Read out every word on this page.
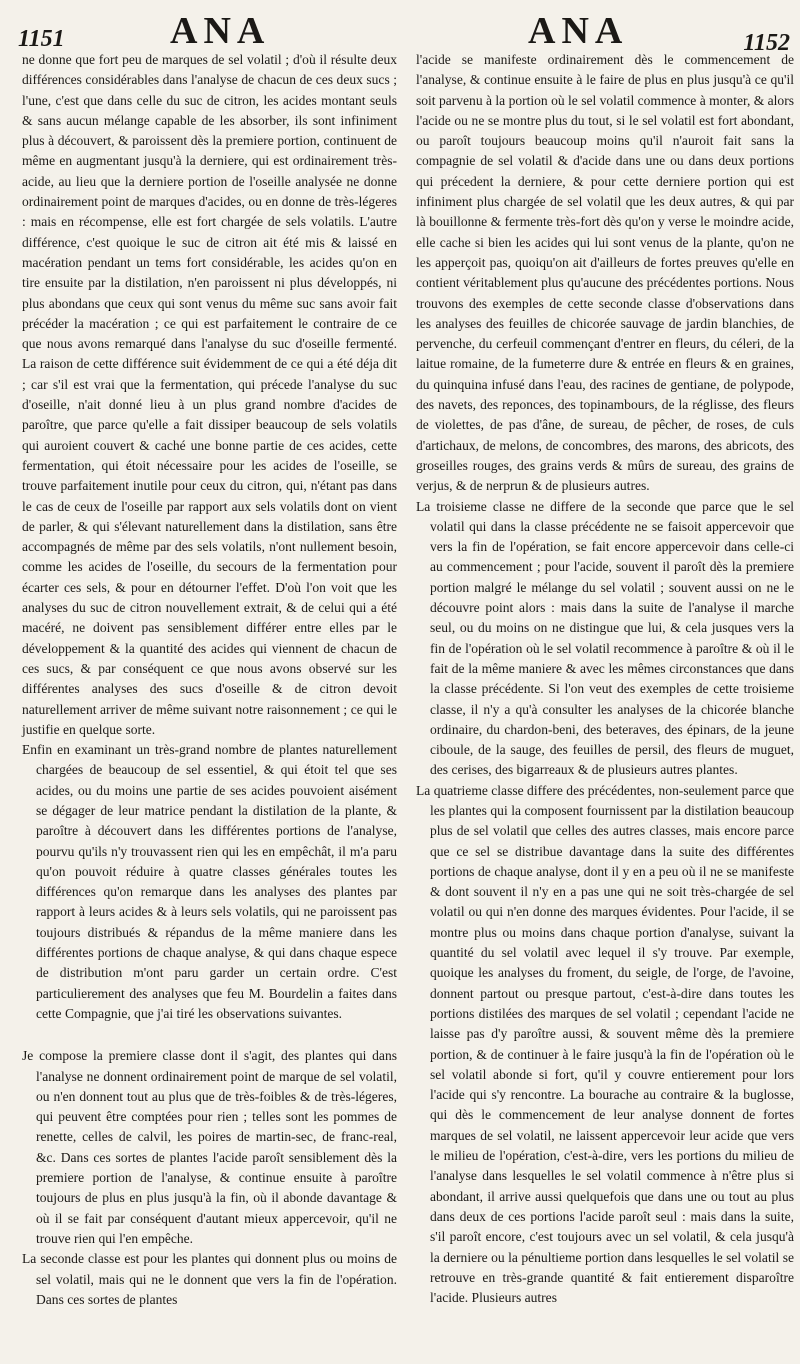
1151	ANA	ANA	1152

ne donne que fort peu de marques de sel volatil ; d'où il résulte deux différences considérables dans l'analyse de chacun de ces deux sucs ; l'une, c'est que dans celle du suc de citron, les acides montant seuls & sans aucun mélange capable de les absorber, ils sont infiniment plus à découvert, & paroissent dès la premiere portion, continuent de même en augmentant jusqu'à la derniere, qui est ordinairement très-acide, au lieu que la derniere portion de l'oseille analysée ne donne ordinairement point de marques d'acides, ou en donne de très-légeres : mais en récompense, elle est fort chargée de sels volatils. L'autre différence, c'est quoique le suc de citron ait été mis & laissé en macération pendant un tems fort considérable, les acides qu'on en tire ensuite par la distilation, n'en paroissent ni plus développés, ni plus abondans que ceux qui sont venus du même suc sans avoir fait précéder la macération ; ce qui est parfaitement le contraire de ce que nous avons remarqué dans l'analyse du suc d'oseille fermenté. La raison de cette différence suit évidemment de ce qui a été déja dit ; car s'il est vrai que la fermentation, qui précede l'analyse du suc d'oseille, n'ait donné lieu à un plus grand nombre d'acides de paroître, que parce qu'elle a fait dissiper beaucoup de sels volatils qui auroient couvert & caché une bonne partie de ces acides, cette fermentation, qui étoit nécessaire pour les acides de l'oseille, se trouve parfaitement inutile pour ceux du citron, qui, n'étant pas dans le cas de ceux de l'oseille par rapport aux sels volatils dont on vient de parler, & qui s'élevant naturellement dans la distilation, sans être accompagnés de même par des sels volatils, n'ont nullement besoin, comme les acides de l'oseille, du secours de la fermentation pour écarter ces sels, & pour en détourner l'effet. D'où l'on voit que les analyses du suc de citron nouvellement extrait, & de celui qui a été macéré, ne doivent pas sensiblement différer entre elles par le développement & la quantité des acides qui viennent de chacun de ces sucs, & par conséquent ce que nous avons observé sur les différentes analyses des sucs d'oseille & de citron devoit naturellement arriver de même suivant notre raisonnement ; ce qui le justifie en quelque sorte.

Enfin en examinant un très-grand nombre de plantes naturellement chargées de beaucoup de sel essentiel, & qui étoit tel que ses acides, ou du moins une partie de ses acides pouvoient aisément se dégager de leur matrice pendant la distilation de la plante, & paroître à découvert dans les différentes portions de l'analyse, pourvu qu'ils n'y trouvassent rien qui les en empêchât, il m'a paru qu'on pouvoit réduire à quatre classes générales toutes les différences qu'on remarque dans les analyses des plantes par rapport à leurs acides & à leurs sels volatils, qui ne paroissent pas toujours distribués & répandus de la même maniere dans les différentes portions de chaque analyse, & qui dans chaque espece de distribution m'ont paru garder un certain ordre. C'est particulierement des analyses que feu M. Bourdelin a faites dans cette Compagnie, que j'ai tiré les observations suivantes.

Je compose la premiere classe dont il s'agit, des plantes qui dans l'analyse ne donnent ordinairement point de marque de sel volatil, ou n'en donnent tout au plus que de très-foibles & de très-légeres, qui peuvent être comptées pour rien ; telles sont les pommes de renette, celles de calvil, les poires de martin-sec, de franc-real, &c. Dans ces sortes de plantes l'acide paroît sensiblement dès la premiere portion de l'analyse, & continue ensuite à paroître toujours de plus en plus jusqu'à la fin, où il abonde davantage & où il se fait par conséquent d'autant mieux appercevoir, qu'il ne trouve rien qui l'en empêche.

La seconde classe est pour les plantes qui donnent plus ou moins de sel volatil, mais qui ne le donnent que vers la fin de l'opération. Dans ces sortes de plantes

l'acide se manifeste ordinairement dès le commencement de l'analyse, & continue ensuite à le faire de plus en plus jusqu'à ce qu'il soit parvenu à la portion où le sel volatil commence à monter, & alors l'acide ou ne se montre plus du tout, si le sel volatil est fort abondant, ou paroît toujours beaucoup moins qu'il n'auroit fait sans la compagnie de sel volatil & d'acide dans une ou dans deux portions qui précedent la derniere, & pour cette derniere portion qui est infiniment plus chargée de sel volatil que les deux autres, & qui par là bouillonne & fermente très-fort dès qu'on y verse le moindre acide, elle cache si bien les acides qui lui sont venus de la plante, qu'on ne les apperçoit pas, quoiqu'on ait d'ailleurs de fortes preuves qu'elle en contient véritablement plus qu'aucune des précédentes portions. Nous trouvons des exemples de cette seconde classe d'observations dans les analyses des feuilles de chicorée sauvage de jardin blanchies, de pervenche, du cerfeuil commençant d'entrer en fleurs, du céleri, de la laitue romaine, de la fumeterre dure & entrée en fleurs & en graines, du quinquina infusé dans l'eau, des racines de gentiane, de polypode, des navets, des reponces, des topinambours, de la réglisse, des fleurs de violettes, de pas d'âne, de sureau, de pêcher, de roses, de culs d'artichaux, de melons, de concombres, des marons, des abricots, des groseilles rouges, des grains verds & mûrs de sureau, des grains de verjus, & de nerprun & de plusieurs autres.

La troisieme classe ne differe de la seconde que parce que le sel volatil qui dans la classe précédente ne se faisoit appercevoir que vers la fin de l'opération, se fait encore appercevoir dans celle-ci au commencement ; pour l'acide, souvent il paroît dès la premiere portion malgré le mélange du sel volatil ; souvent aussi on ne le découvre point alors : mais dans la suite de l'analyse il marche seul, ou du moins on ne distingue que lui, & cela jusques vers la fin de l'opération où le sel volatil recommence à paroître & où il le fait de la même maniere & avec les mêmes circonstances que dans la classe précédente. Si l'on veut des exemples de cette troisieme classe, il n'y a qu'à consulter les analyses de la chicorée blanche ordinaire, du chardon-beni, des beteraves, des épinars, de la jeune ciboule, de la sauge, des feuilles de persil, des fleurs de muguet, des cerises, des bigarreaux & de plusieurs autres plantes.

La quatrieme classe differe des précédentes, non-seulement parce que les plantes qui la composent fournissent par la distilation beaucoup plus de sel volatil que celles des autres classes, mais encore parce que ce sel se distribue davantage dans la suite des différentes portions de chaque analyse, dont il y en a peu où il ne se manifeste & dont souvent il n'y en a pas une qui ne soit très-chargée de sel volatil ou qui n'en donne des marques évidentes. Pour l'acide, il se montre plus ou moins dans chaque portion d'analyse, suivant la quantité du sel volatil avec lequel il s'y trouve. Par exemple, quoique les analyses du froment, du seigle, de l'orge, de l'avoine, donnent partout ou presque partout, c'est-à-dire dans toutes les portions distilées des marques de sel volatil ; cependant l'acide ne laisse pas d'y paroître aussi, & souvent même dès la premiere portion, & de continuer à le faire jusqu'à la fin de l'opération où le sel volatil abonde si fort, qu'il y couvre entierement pour lors l'acide qui s'y rencontre. La bourache au contraire & la buglosse, qui dès le commencement de leur analyse donnent de fortes marques de sel volatil, ne laissent appercevoir leur acide que vers le milieu de l'opération, c'est-à-dire, vers les portions du milieu de l'analyse dans lesquelles le sel volatil commence à n'être plus si abondant, il arrive aussi quelquefois que dans une ou tout au plus dans deux de ces portions l'acide paroît seul : mais dans la suite, s'il paroît encore, c'est toujours avec un sel volatil, & cela jusqu'à la derniere ou la pénultieme portion dans lesquelles le sel volatil se retrouve en très-grande quantité & fait entierement disparoître l'acide. Plusieurs autres
